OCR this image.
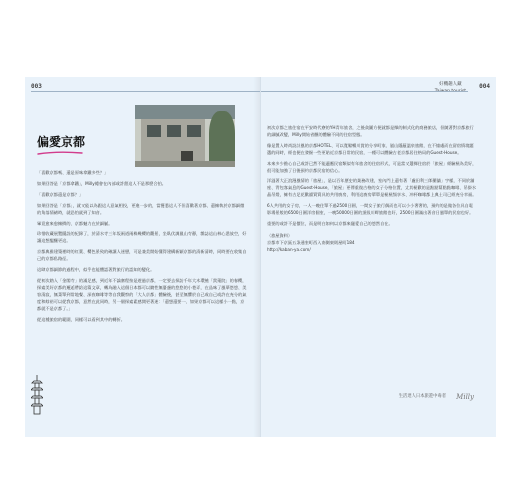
003
偏愛京都

「喜歡京都嗎、還是原味拿鐵多些？」

如果回答是「京都拿鐵」，Milly總會在內部或許甜這人不是那麼合拍。

「喜歡京都還是京都？」

如果回答是「京都」，就又能以為跟這人意氣相投，更進一步的，當獲悉這人不但喜歡著京都、還擁執於京都細微的角落情緒時，就恐怕就到了知音。

畢竟愈來愈擁擠的、京都魅力在於細膩。

珍惜收藏展覽擺設的紀錄了，於清水寺三年坂兩道兩株幾櫻的觀景，坐臥伏調嵐山寺靜，雜誌這山林心悉放空，好讓這想醞釀更這。

京都典雅建築裡時的紅葉、櫻色景致的確讓人迷戀，可是兼美開始懂得建構新穎京都的清新清時，同時要在收集自己的京都私路徑。

這肆京都細節的過程中，似乎也能體認著對旅行的認知的變化。

從初次踏入「金閣寺」的滿足感，到近年不論寨程按是遊過京都，一定要去探訪千年大木環繞「貴蓮院」的春櫻，探索美好京都的邂逅帶給這篇文章，轉為融入這個日本都可以隨性無憂慮的悠悠的小巷弄，在品味了風華悠悠、美容清寂，無菜單到常地餐、深夜咖啡等等自我觀察的「大人京都」體驗後，甚至無懼於自己或自己或許在充分的氣度和餘裕可以從我京都，意然在此同時，另一個探索素感開更著迷：「還想還要一、如果京都可以這樣小一點，京都就不是京都了。」

從這種旅宿的範圍，同樣可以看到其中的轉折。

好機趣人藏	004

初次京都之旅住宿在平安時代寮的YH青年旅舍，之後貪圖方便就都是擇的制式化的商務旅店，但隨著對京都旅行的細膩改變，Milly開始省釀的體驗不同的住宿型態。

像是置入時尚設計風的京都HOTEL、可以寬鬆暢川賞的分享町家、嵐山隱蔽溫泉旅館，在不憧處而在留宿情境題選的同時，經也便在發掘一些更貼近京都日常的民宿，一種可以體驗古老京都居住格局的Guest-House。

本來多少擔心自己或許已然不能適應民宿類似有年旅舍的住宿形式，可是當又選擇住宿於「旅屋」經驗極為美好，很可能加強了日後預約京都民宿的信心。

洋溢著大正浪漫風情的「旅屋」，是以百年歷史的業務改建，室內門上還有著「盧田利三郎藥舖」字樣，不同於舖座、背包客氣息的Guest-House，「旅屋」更傳重復古格的女子分格位置，丈其極歡的是點點幫點點咖啡、吊掛水晶吊燈，擁有古足花歡韻質質具的共用廚房，利用這廚房單單是極極頻享水、冲杯咖啡都上典土司已經充分幸福。

6人共用的女子房，一人一晚住單不過2500日圓，一間女子旅行偶而也可以小小奢奢的，預約的是做各位具自電影場景般的6500日圓洋房個室，一晚50000日圓的頂級川畔旅館也好，2500日圓滿出著音日風單的民宿也好。

重要的或許不是價位，而是明白如何以京都來寵愛自己的悠然自在。

〈旅屋資料〉
京都市下京區五条通室町西入南側東則屋町184
http://kaban-ya.com/
生活達人日本旅遊中毒者 Milly
